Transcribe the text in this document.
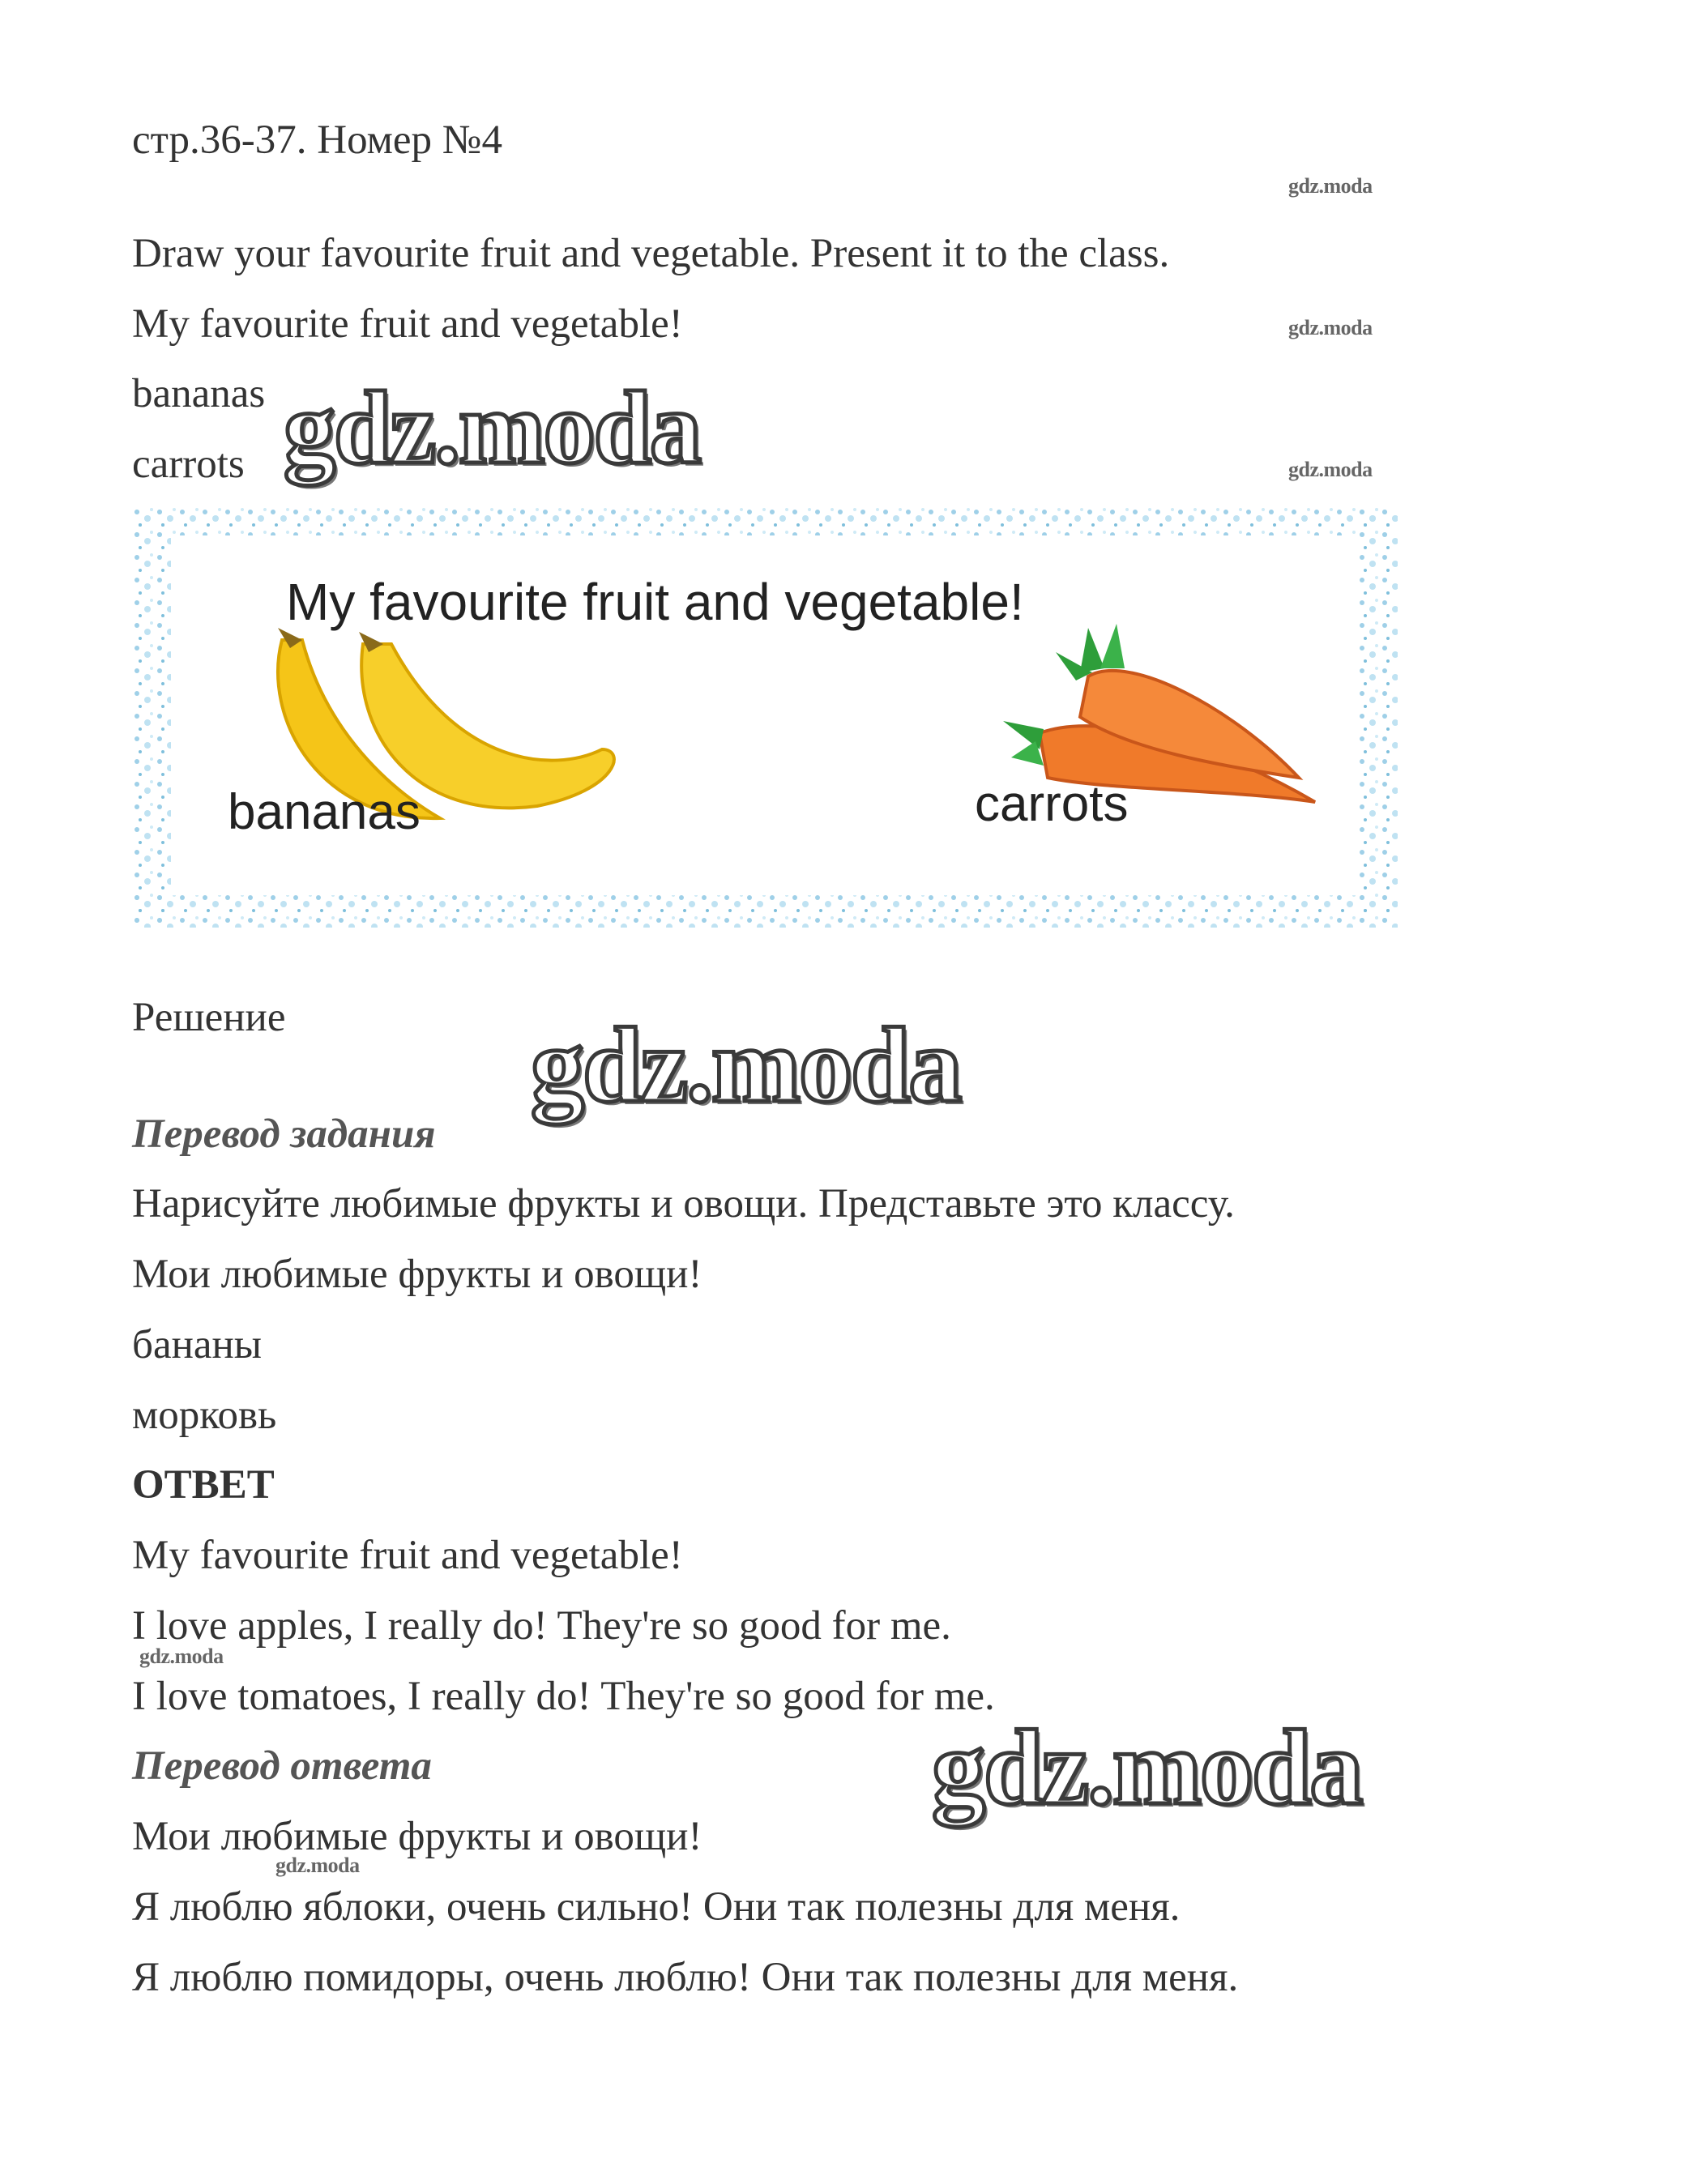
стр.36-37. Номер №4
Draw your favourite fruit and vegetable. Present it to the class.
My favourite fruit and vegetable!
bananas
carrots
My favourite fruit and vegetable!
bananas	carrots
Решение
Перевод задания
Нарисуйте любимые фрукты и овощи. Представьте это классу.
Мои любимые фрукты и овощи!
бананы
морковь
ОТВЕТ
My favourite fruit and vegetable!
I love apples, I really do! They're so good for me.
I love tomatoes, I really do! They're so good for me.
Перевод ответа
Мои любимые фрукты и овощи!
Я люблю яблоки, очень сильно! Они так полезны для меня.
Я люблю помидоры, очень люблю! Они так полезны для меня.
gdz.moda
gdz.moda
gdz.moda
gdz.moda
gdz.moda
gdz.moda
gdz.moda
gdz.moda
